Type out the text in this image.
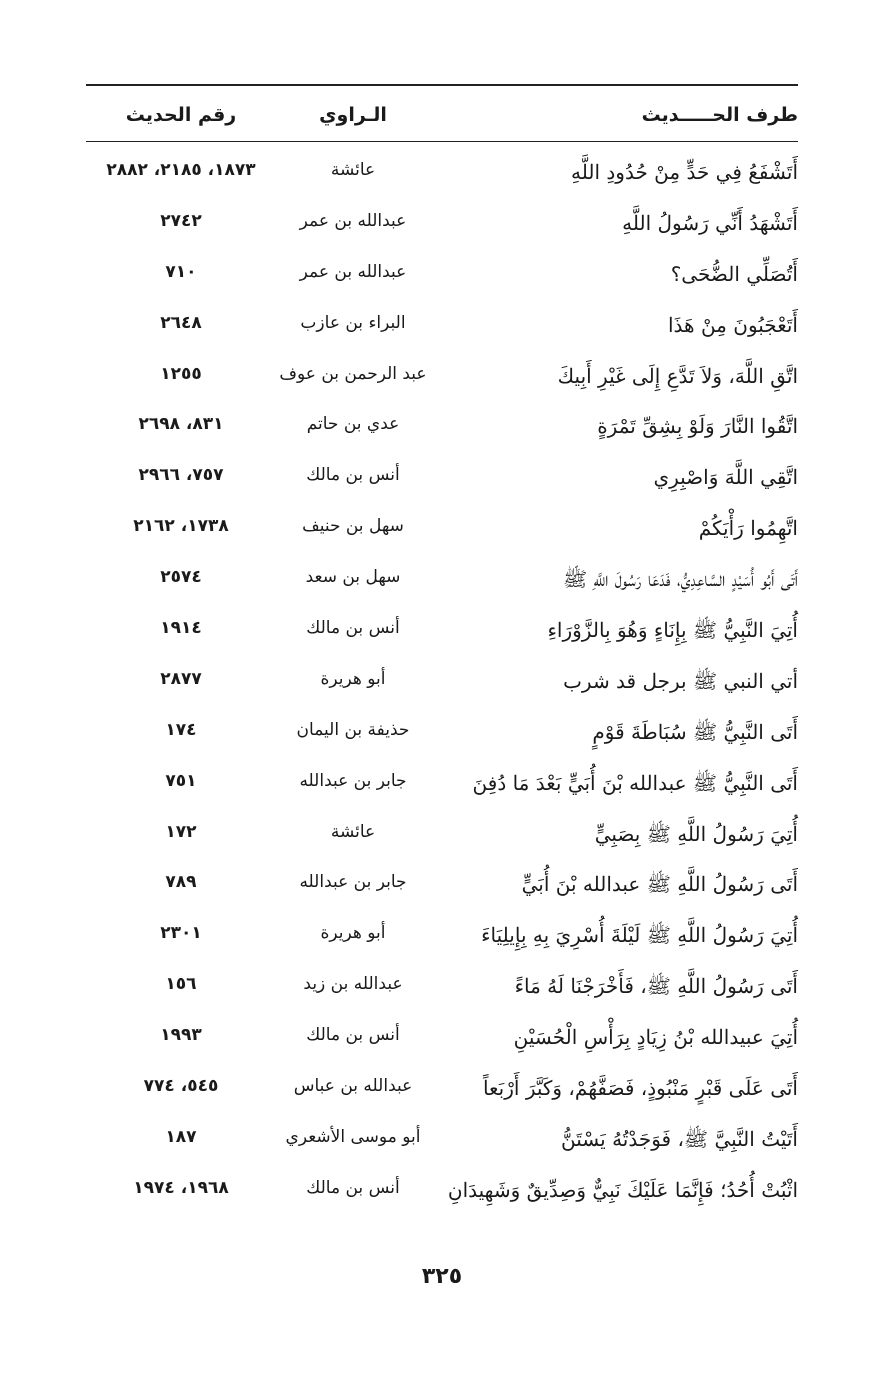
طرف الحـــــديث
الـراوي
رقم الحديث
أَتَشْفَعُ فِي حَدٍّ مِنْ حُدُودِ اللَّهِ
عائشة
١٨٧٣، ٢١٨٥، ٢٨٨٢
أَتَشْهَدُ أَنِّي رَسُولُ اللَّهِ
عبدالله بن عمر
٢٧٤٢
أَتُصَلِّي الضُّحَى؟
عبدالله بن عمر
٧١٠
أَتَعْجَبُونَ مِنْ هَذَا
البراء بن عازب
٢٦٤٨
اتَّقِ اللَّهَ، وَلاَ تَدَّعِ إِلَى غَيْرِ أَبِيكَ
عبد الرحمن بن عوف
١٢٥٥
اتَّقُوا النَّارَ وَلَوْ بِشِقِّ تَمْرَةٍ
عدي بن حاتم
٨٣١، ٢٦٩٨
اتَّقِي اللَّهَ وَاصْبِرِي
أنس بن مالك
٧٥٧، ٢٩٦٦
اتَّهِمُوا رَأْيَكُمْ
سهل بن حنيف
١٧٣٨، ٢١٦٢
أَتَى أَبُو أُسَيْدٍ السَّاعِدِيُّ، فَدَعَا رَسُولَ اللَّهِ ﷺ
سهل بن سعد
٢٥٧٤
أُتِيَ النَّبِيُّ ﷺ بِإِنَاءٍ وَهُوَ بِالزَّوْرَاءِ
أنس بن مالك
١٩١٤
أتي النبي ﷺ برجل قد شرب
أبو هريرة
٢٨٧٧
أَتَى النَّبِيُّ ﷺ سُبَاطَةَ قَوْمٍ
حذيفة بن اليمان
١٧٤
أَتَى النَّبِيُّ ﷺ عبدالله بْنَ أُبَيٍّ بَعْدَ مَا دُفِنَ
جابر بن عبدالله
٧٥١
أُتِيَ رَسُولُ اللَّهِ ﷺ بِصَبِيٍّ
عائشة
١٧٢
أَتَى رَسُولُ اللَّهِ ﷺ عبدالله بْنَ أُبَيٍّ
جابر بن عبدالله
٧٨٩
أُتِيَ رَسُولُ اللَّهِ ﷺ لَيْلَةَ أُسْرِيَ بِهِ بِإِيلِيَاءَ
أبو هريرة
٢٣٠١
أَتَى رَسُولُ اللَّهِ ﷺ، فَأَخْرَجْنَا لَهُ مَاءً
عبدالله بن زيد
١٥٦
أُتِيَ عبيدالله بْنُ زِيَادٍ بِرَأْسِ الْحُسَيْنِ
أنس بن مالك
١٩٩٣
أَتَى عَلَى قَبْرٍ مَنْبُوذٍ، فَصَفَّهُمْ، وَكَبَّرَ أَرْبَعاً
عبدالله بن عباس
٥٤٥، ٧٧٤
أَتَيْتُ النَّبِيَّ ﷺ، فَوَجَدْتُهُ يَسْتَنُّ
أبو موسى الأشعري
١٨٧
اثْبُتْ أُحُدُ؛ فَإِنَّمَا عَلَيْكَ نَبِيٌّ وَصِدِّيقٌ وَشَهِيدَانِ
أنس بن مالك
١٩٦٨، ١٩٧٤
٣٢٥
